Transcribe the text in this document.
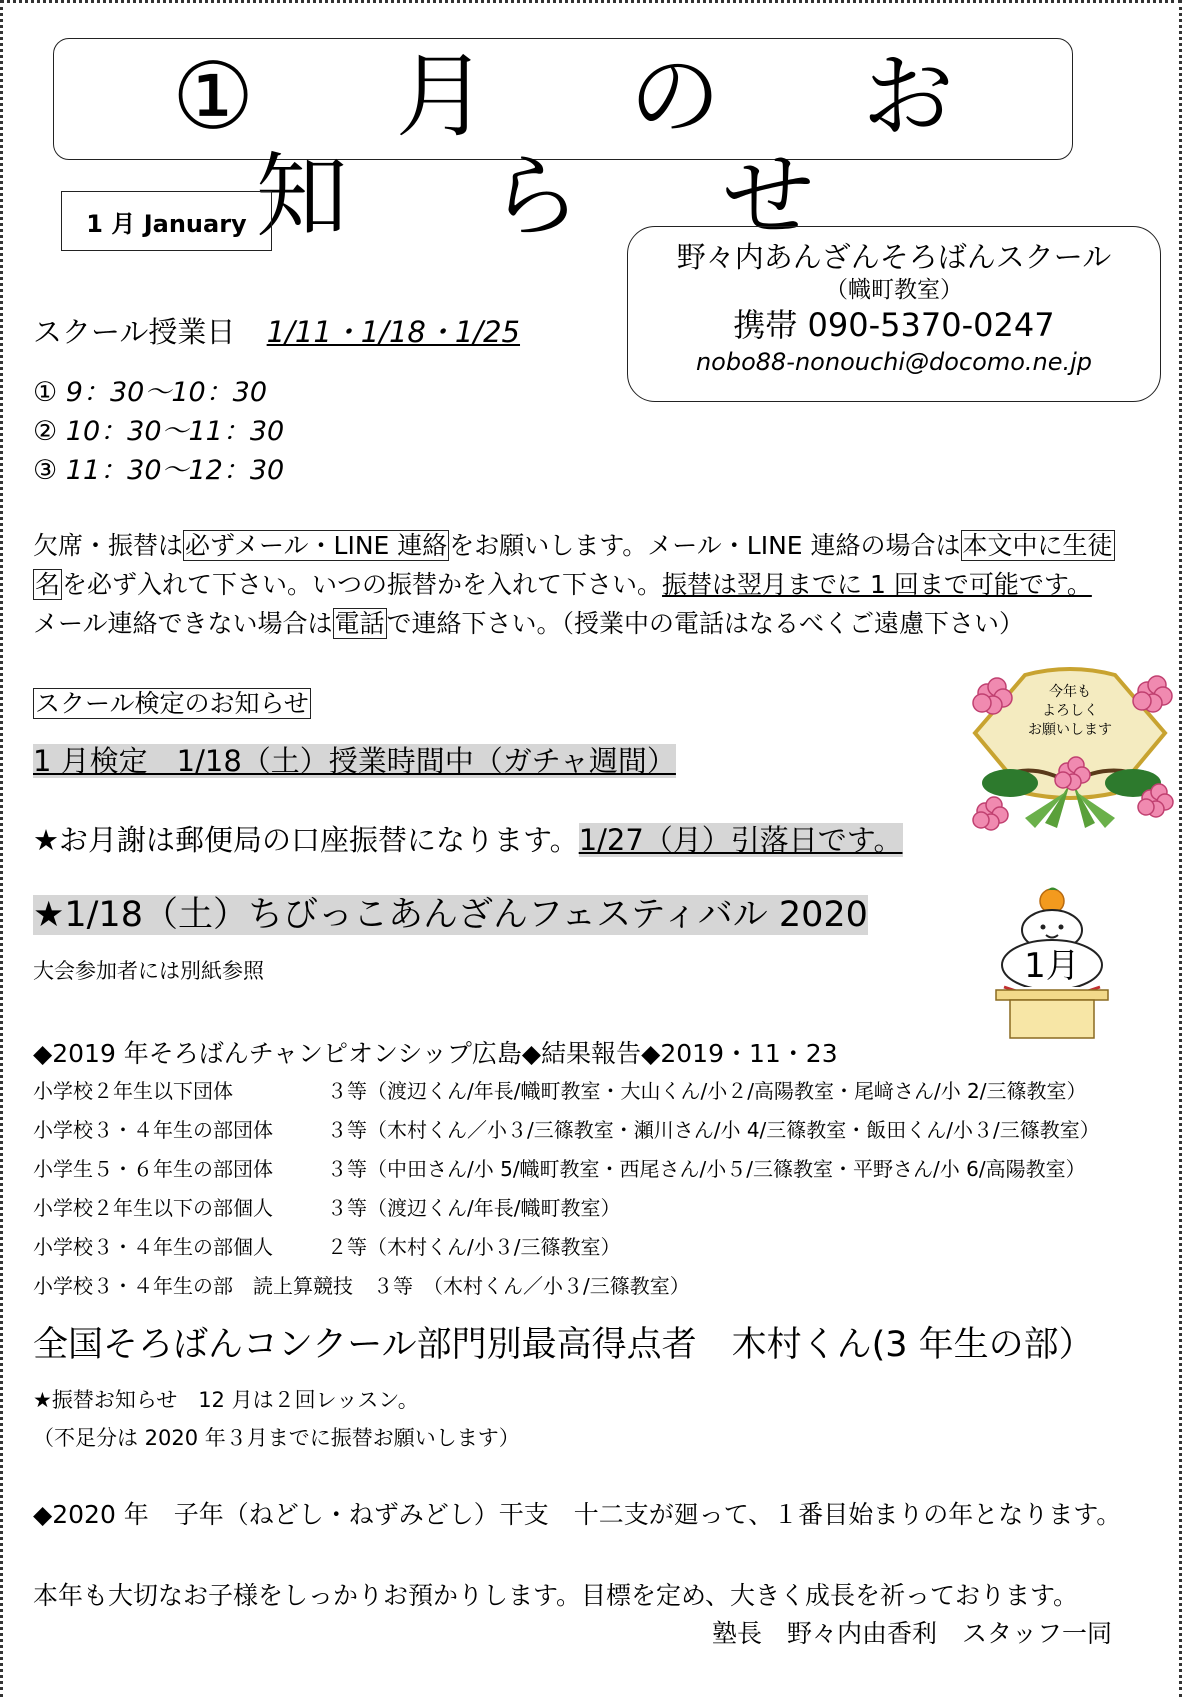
① 月 の お 知 ら せ
1 月 January
野々内あんざんそろばんスクール
（幟町教室）
携帯 090-5370-0247
nobo88-nonouchi@docomo.ne.jp
スクール授業日 1/11・1/18・1/25
① 9：30～10：30
② 10：30～11：30
③ 11：30～12：30
欠席・振替は必ずメール・LINE 連絡をお願いします。メール・LINE 連絡の場合は本文中に生徒
名を必ず入れて下さい。いつの振替かを入れて下さい。振替は翌月までに 1 回まで可能です。
メール連絡できない場合は電話で連絡下さい。（授業中の電話はなるべくご遠慮下さい）
スクール検定のお知らせ
1 月検定　1/18（土）授業時間中（ガチャ週間）
★お月謝は郵便局の口座振替になります。1/27（月）引落日です。
★1/18（土）ちびっこあんざんフェスティバル 2020
大会参加者には別紙参照
◆2019 年そろばんチャンピオンシップ広島◆結果報告◆2019・11・23
小学校２年生以下団体	３等（渡辺くん/年長/幟町教室・大山くん/小２/高陽教室・尾﨑さん/小 2/三篠教室）
小学校３・４年生の部団体	３等（木村くん／小３/三篠教室・瀬川さん/小 4/三篠教室・飯田くん/小３/三篠教室）
小学生５・６年生の部団体	３等（中田さん/小 5/幟町教室・西尾さん/小５/三篠教室・平野さん/小 6/高陽教室）
小学校２年生以下の部個人	３等（渡辺くん/年長/幟町教室）
小学校３・４年生の部個人	２等（木村くん/小３/三篠教室）
小学校３・４年生の部　読上算競技 ３等　（木村くん／小３/三篠教室）
全国そろばんコンクール部門別最高得点者　木村くん(3 年生の部）
★振替お知らせ　12 月は２回レッスン。
（不足分は 2020 年３月までに振替お願いします）
◆2020 年　子年（ねどし・ねずみどし）干支　十二支が廻って、１番目始まりの年となります。
本年も大切なお子様をしっかりお預かりします。目標を定め、大きく成長を祈っております。
塾長　野々内由香利　スタッフ一同
今年も
よろしく
お願いします
1月
